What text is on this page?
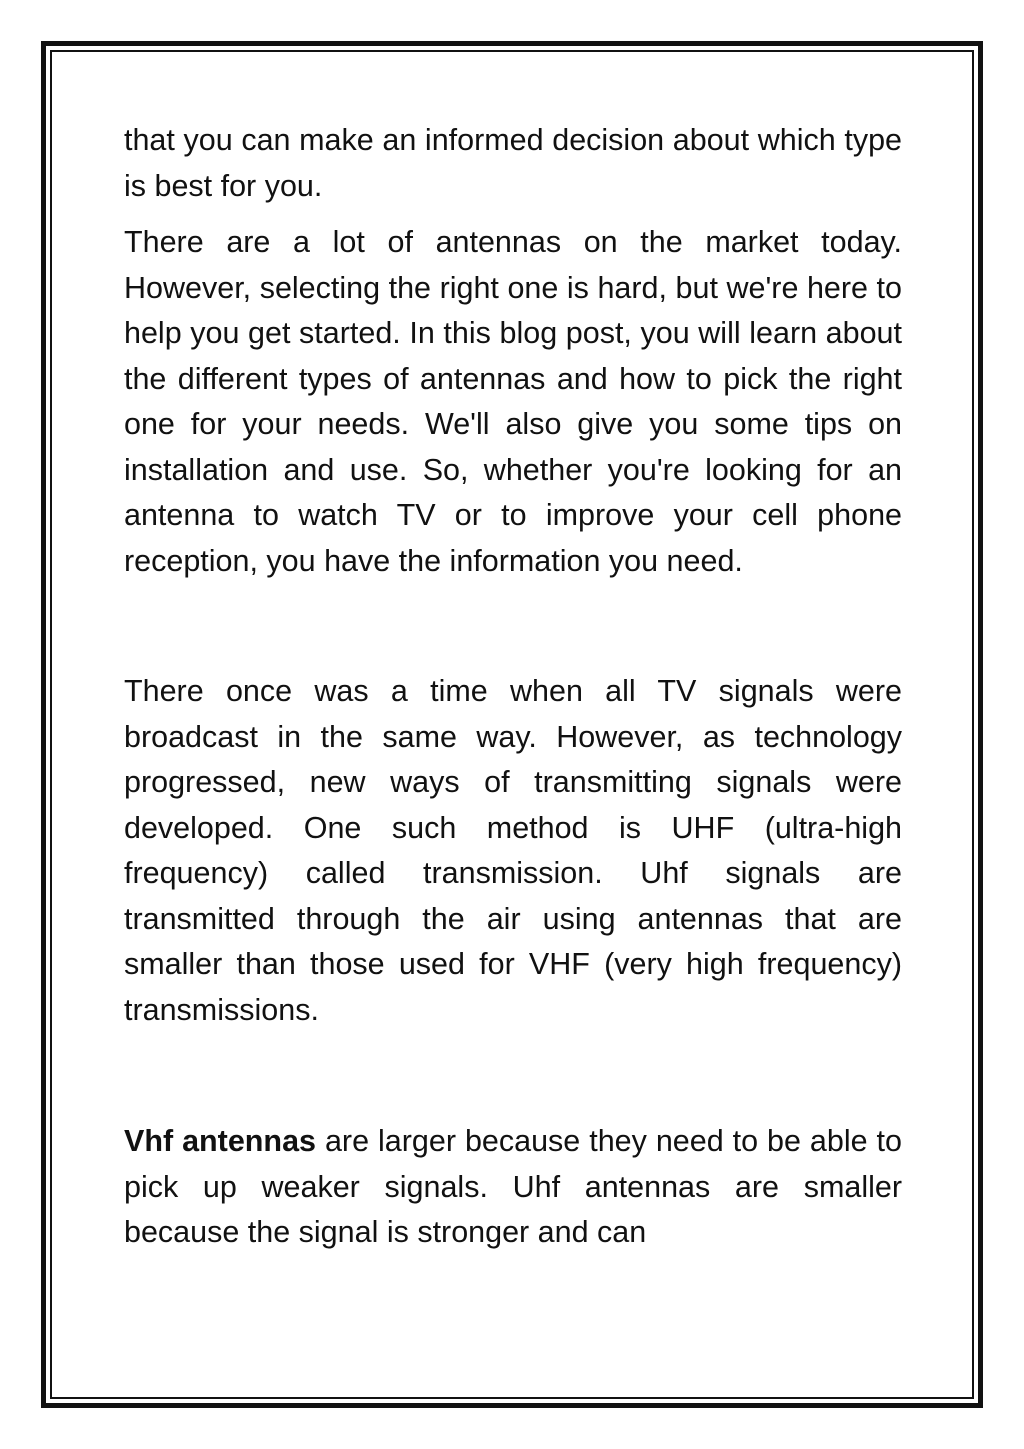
that you can make an informed decision about which type is best for you.

There are a lot of antennas on the market today. However, selecting the right one is hard, but we're here to help you get started. In this blog post, you will learn about the different types of antennas and how to pick the right one for your needs. We'll also give you some tips on installation and use. So, whether you're looking for an antenna to watch TV or to improve your cell phone reception, you have the information you need.

There once was a time when all TV signals were broadcast in the same way. However, as technology progressed, new ways of transmitting signals were developed. One such method is UHF (ultra-high frequency) called transmission. Uhf signals are transmitted through the air using antennas that are smaller than those used for VHF (very high frequency) transmissions.

Vhf antennas are larger because they need to be able to pick up weaker signals. Uhf antennas are smaller because the signal is stronger and can
